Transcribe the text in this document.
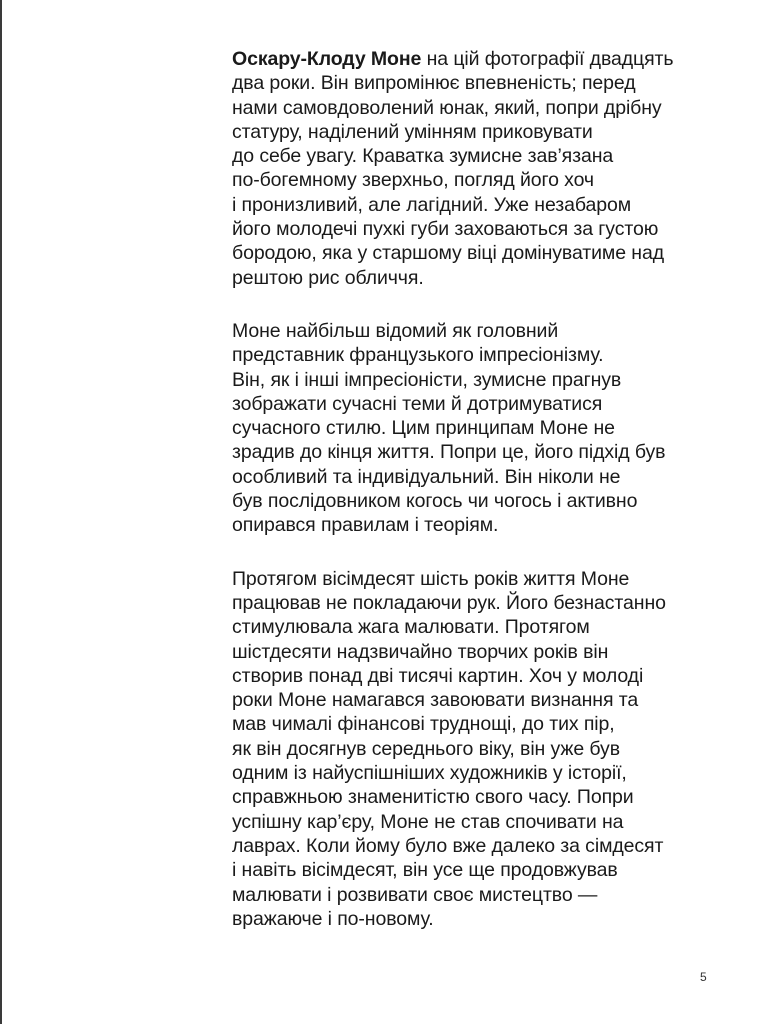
Оскару-Клоду Моне на цій фотографії двадцять
два роки. Він випромінює впевненість; перед
нами самовдоволений юнак, який, попри дрібну
статуру, наділений умінням приковувати
до себе увагу. Краватка зумисне зав’язана
по-богемному зверхньо, погляд його хоч
і пронизливий, але лагідний. Уже незабаром
його молодечі пухкі губи заховаються за густою
бородою, яка у старшому віці домінуватиме над
рештою рис обличчя.
Моне найбільш відомий як головний
представник французького імпресіонізму.
Він, як і інші імпресіоністи, зумисне прагнув
зображати сучасні теми й дотримуватися
сучасного стилю. Цим принципам Моне не
зрадив до кінця життя. Попри це, його підхід був
особливий та індивідуальний. Він ніколи не
був послідовником когось чи чогось і активно
опирався правилам і теоріям.
Протягом вісімдесят шість років життя Моне
працював не покладаючи рук. Його безнастанно
стимулювала жага малювати. Протягом
шістдесяти надзвичайно творчих років він
створив понад дві тисячі картин. Хоч у молоді
роки Моне намагався завоювати визнання та
мав чималі фінансові труднощі, до тих пір,
як він досягнув середнього віку, він уже був
одним із найуспішніших художників у історії,
справжньою знаменитістю свого часу. Попри
успішну кар’єру, Моне не став спочивати на
лаврах. Коли йому було вже далеко за сімдесят
і навіть вісімдесят, він усе ще продовжував
малювати і розвивати своє мистецтво —
вражаюче і по-новому.
5
